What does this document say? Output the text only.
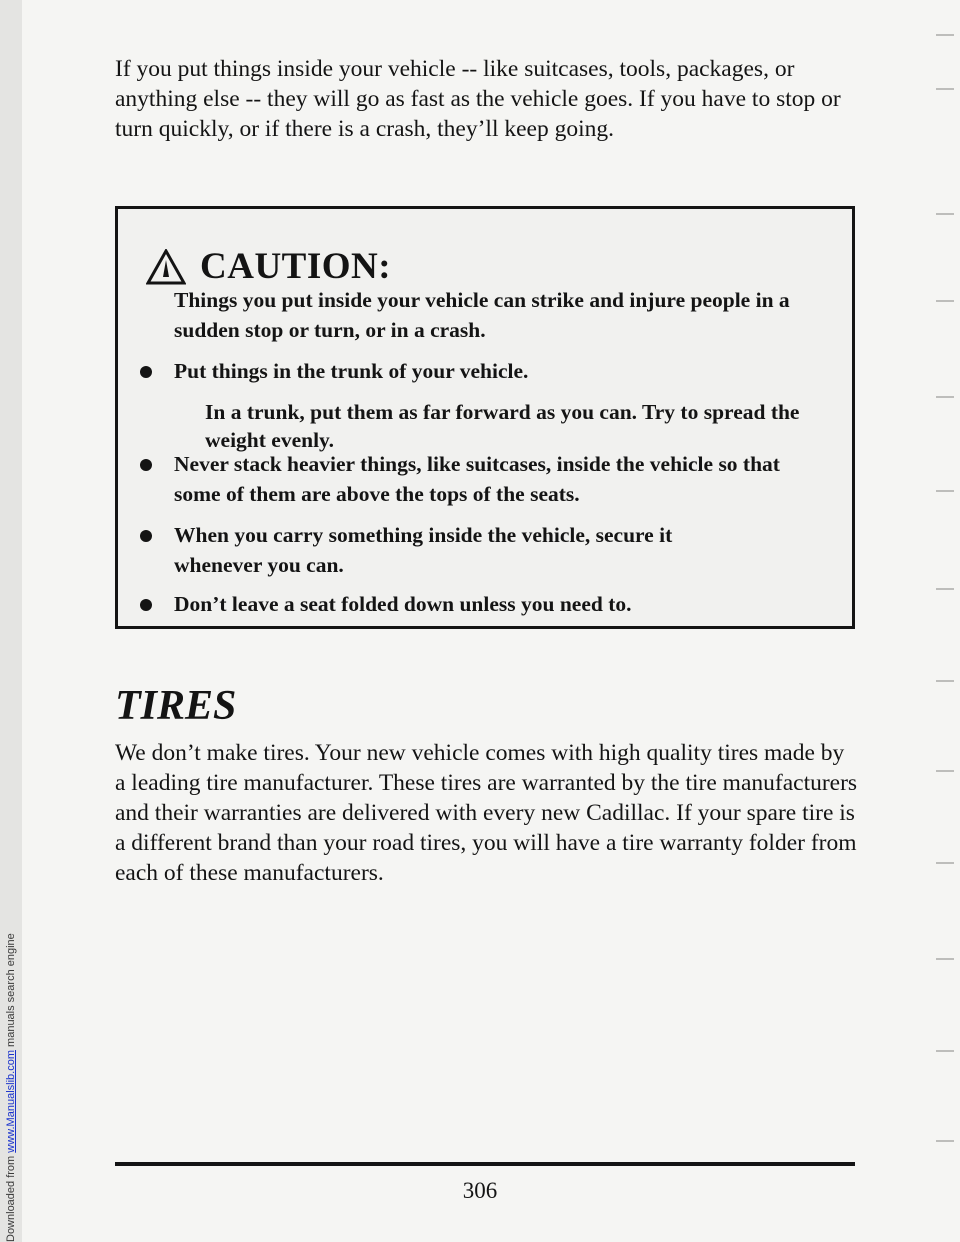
Downloaded from www.Manualslib.com manuals search engine

If you put things inside your vehicle -- like suitcases, tools, packages, or anything else -- they will go as fast as the vehicle goes. If you have to stop or turn quickly, or if there is a crash, they’ll keep going.

CAUTION:

Things you put inside your vehicle can strike and injure people in a sudden stop or turn, or in a crash.

Put things in the trunk of your vehicle.

In a trunk, put them as far forward as you can. Try to spread the weight evenly.

Never stack heavier things, like suitcases, inside the vehicle so that some of them are above the tops of the seats.
When you carry something inside the vehicle, secure it whenever you can.
Don’t leave a seat folded down unless you need to.
TIRES

We don’t make tires. Your new vehicle comes with high quality tires made by a leading tire manufacturer. These tires are warranted by the tire manufacturers and their warranties are delivered with every new Cadillac. If your spare tire is a different brand than your road tires, you will have a tire warranty folder from each of these manufacturers.

306
